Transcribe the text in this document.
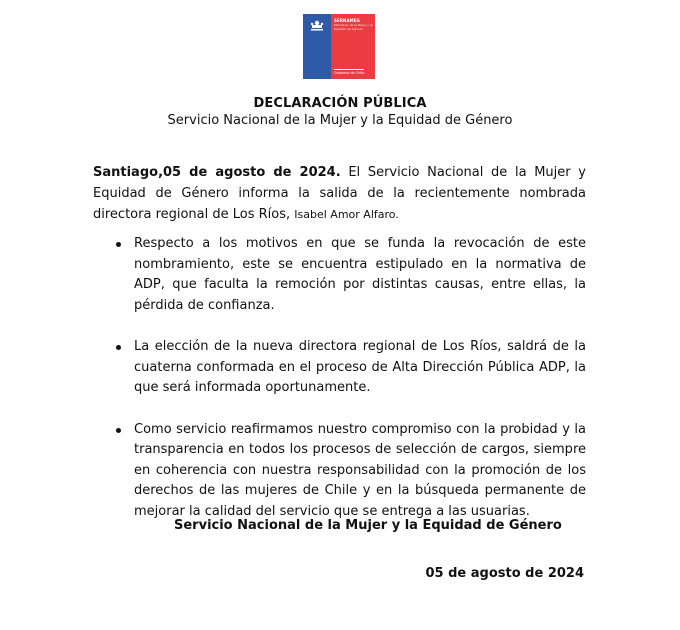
SERNAMEG
Ministerio de la Mujer y la Equidad de Género
Gobierno de Chile
DECLARACIÓN PÚBLICA
Servicio Nacional de la Mujer y la Equidad de Género
Santiago,05 de agosto de 2024. El Servicio Nacional de la Mujer y Equidad de Género informa la salida de la recientemente nombrada directora regional de Los Ríos, Isabel Amor Alfaro.
Respecto a los motivos en que se funda la revocación de este nombramiento, este se encuentra estipulado en la normativa de ADP, que faculta la remoción por distintas causas, entre ellas, la pérdida de confianza.
La elección de la nueva directora regional de Los Ríos, saldrá de la cuaterna conformada en el proceso de Alta Dirección Pública ADP, la que será informada oportunamente.
Como servicio reafirmamos nuestro compromiso con la probidad y la transparencia en todos los procesos de selección de cargos, siempre en coherencia con nuestra responsabilidad con la promoción de los derechos de las mujeres de Chile y en la búsqueda permanente de mejorar la calidad del servicio que se entrega a las usuarias.
Servicio Nacional de la Mujer y la Equidad de Género
05 de agosto de 2024
